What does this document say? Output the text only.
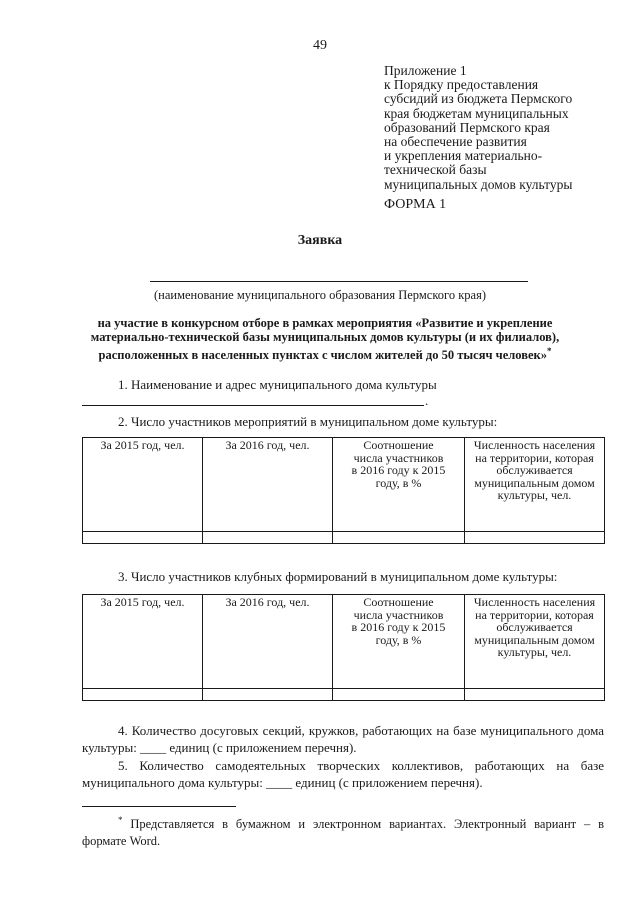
49
Приложение 1
к Порядку предоставления
субсидий из бюджета Пермского
края бюджетам муниципальных
образований Пермского края
на обеспечение развития
и укрепления материально-
технической базы
муниципальных домов культуры
ФОРМА 1
Заявка
(наименование муниципального образования Пермского края)
на участие в конкурсном отборе в рамках мероприятия «Развитие и укрепление
материально-технической базы муниципальных домов культуры (и их филиалов),
расположенных в населенных пунктах с числом жителей до 50 тысяч человек»*
1. Наименование и адрес муниципального дома культуры
.
2. Число участников мероприятий в муниципальном доме культуры:
За 2015 год, чел.	За 2016 год, чел.	Соотношение числа участников в 2016 году к 2015 году, в %	Численность населения на территории, которая обслуживается муниципальным домом культуры, чел.

3. Число участников клубных формирований в муниципальном доме культуры:
За 2015 год, чел.	За 2016 год, чел.	Соотношение числа участников в 2016 году к 2015 году, в %	Численность населения на территории, которая обслуживается муниципальным домом культуры, чел.

4. Количество досуговых секций, кружков, работающих на базе муниципального дома культуры: ____ единиц (с приложением перечня).
5. Количество самодеятельных творческих коллективов, работающих на базе муниципального дома культуры: ____ единиц (с приложением перечня).
* Представляется в бумажном и электронном вариантах. Электронный вариант – в формате Word.
